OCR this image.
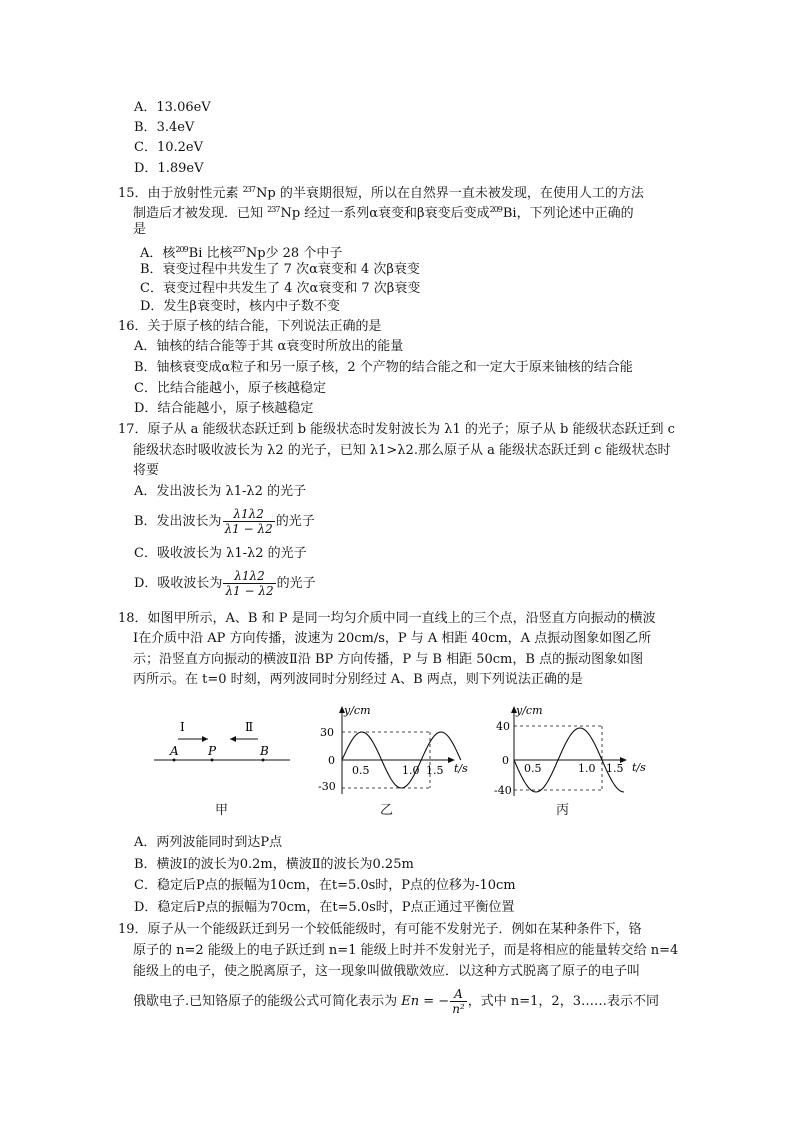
A．13.06eV
B．3.4eV
C．10.2eV
D．1.89eV
15．由于放射性元素 $^{237}$Np 的半衰期很短，所以在自然界一直未被发现，在使用人工的方法
制造后才被发现．已知 $^{237}$Np 经过一系列α衰变和β衰变后变成$^{209}$Bi，下列论述中正确的
是
A．核$^{209}$Bi 比核$^{237}$Np少 28 个中子
B．衰变过程中共发生了 7 次α衰变和 4 次β衰变
C．衰变过程中共发生了 4 次α衰变和 7 次β衰变
D．发生β衰变时，核内中子数不变
16．关于原子核的结合能，下列说法正确的是
A．铀核的结合能等于其 α衰变时所放出的能量
B．铀核衰变成α粒子和另一原子核，2 个产物的结合能之和一定大于原来铀核的结合能
C．比结合能越小，原子核越稳定
D．结合能越小，原子核越稳定
17．原子从 a 能级状态跃迁到 b 能级状态时发射波长为 λ1 的光子；原子从 b 能级状态跃迁到 c
能级状态时吸收波长为 λ2 的光子，已知 λ1>λ2.那么原子从 a 能级状态跃迁到 c 能级状态时
将要
A．发出波长为 λ1-λ2 的光子
B．发出波长为 $\frac{\lambda 1\lambda 2}{\lambda 1 - \lambda 2}$ 的光子
C．吸收波长为 λ1-λ2 的光子
D．吸收波长为 $\frac{\lambda 1\lambda 2}{\lambda 1 - \lambda 2}$ 的光子
18．如图甲所示，A、B 和 P 是同一均匀介质中同一直线上的三个点，沿竖直方向振动的横波
Ⅰ在介质中沿 AP 方向传播，波速为 20cm/s，P 与 A 相距 40cm，A 点振动图象如图乙所
示；沿竖直方向振动的横波Ⅱ沿 BP 方向传播，P 与 B 相距 50cm，B 点的振动图象如图
丙所示。在 t=0 时刻，两列波同时分别经过 A、B 两点，则下列说法正确的是
Ⅰ	Ⅱ
A P	B
甲
y/cm
t/s
30
0
-30
0.5	1.0 1.5
乙
y/cm
t/s
40
0
-40
0.5	1.0 1.5
丙
A．两列波能同时到达P点
B．横波Ⅰ的波长为0.2m，横波Ⅱ的波长为0.25m
C．稳定后P点的振幅为10cm，在t=5.0s时，P点的位移为-10cm
D．稳定后P点的振幅为70cm，在t=5.0s时，P点正通过平衡位置
19．原子从一个能级跃迁到另一个较低能级时，有可能不发射光子．例如在某种条件下，铬
原子的 n=2 能级上的电子跃迁到 n=1 能级上时并不发射光子，而是将相应的能量转交给 n=4
能级上的电子，使之脱离原子，这一现象叫做俄歇效应．以这种方式脱离了原子的电子叫
俄歇电子.已知铬原子的能级公式可简化表示为 En = − $\frac{A}{\text{n²}}$ ，式中 n=1，2，3……表示不同
